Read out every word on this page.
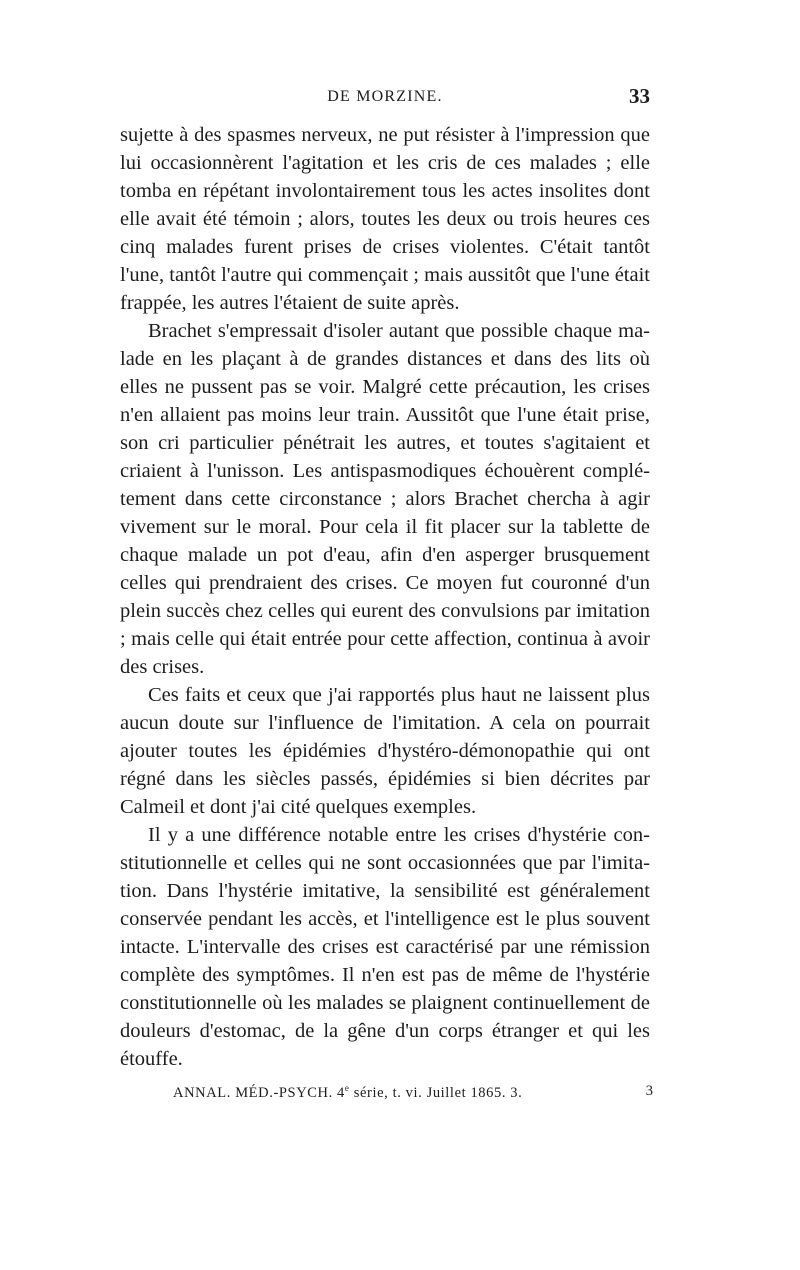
DE MORZINE.	33

sujette à des spasmes nerveux, ne put résister à l'impression que lui occasionnèrent l'agitation et les cris de ces malades ; elle tomba en répétant involontairement tous les actes insolites dont elle avait été témoin ; alors, toutes les deux ou trois heures ces cinq malades furent prises de crises violentes. C'était tantôt l'une, tantôt l'autre qui commençait ; mais aussitôt que l'une était frappée, les autres l'étaient de suite après.

Brachet s'empressait d'isoler autant que possible chaque malade en les plaçant à de grandes distances et dans des lits où elles ne pussent pas se voir. Malgré cette précaution, les crises n'en allaient pas moins leur train. Aussitôt que l'une était prise, son cri particulier pénétrait les autres, et toutes s'agitaient et criaient à l'unisson. Les antispasmodiques échouèrent complétement dans cette circonstance ; alors Brachet chercha à agir vivement sur le moral. Pour cela il fit placer sur la tablette de chaque malade un pot d'eau, afin d'en asperger brusquement celles qui prendraient des crises. Ce moyen fut couronné d'un plein succès chez celles qui eurent des convulsions par imitation ; mais celle qui était entrée pour cette affection, continua à avoir des crises.

Ces faits et ceux que j'ai rapportés plus haut ne laissent plus aucun doute sur l'influence de l'imitation. A cela on pourrait ajouter toutes les épidémies d'hystéro-démonopathie qui ont régné dans les siècles passés, épidémies si bien décrites par Calmeil et dont j'ai cité quelques exemples.

Il y a une différence notable entre les crises d'hystérie constitutionnelle et celles qui ne sont occasionnées que par l'imitation. Dans l'hystérie imitative, la sensibilité est généralement conservée pendant les accès, et l'intelligence est le plus souvent intacte. L'intervalle des crises est caractérisé par une rémission complète des symptômes. Il n'en est pas de même de l'hystérie constitutionnelle où les malades se plaignent continuellement de douleurs d'estomac, de la gêne d'un corps étranger et qui les étouffe.

ANNAL. MÉD.-PSYCH. 4e série, t. vi. Juillet 1865. 3.	3
